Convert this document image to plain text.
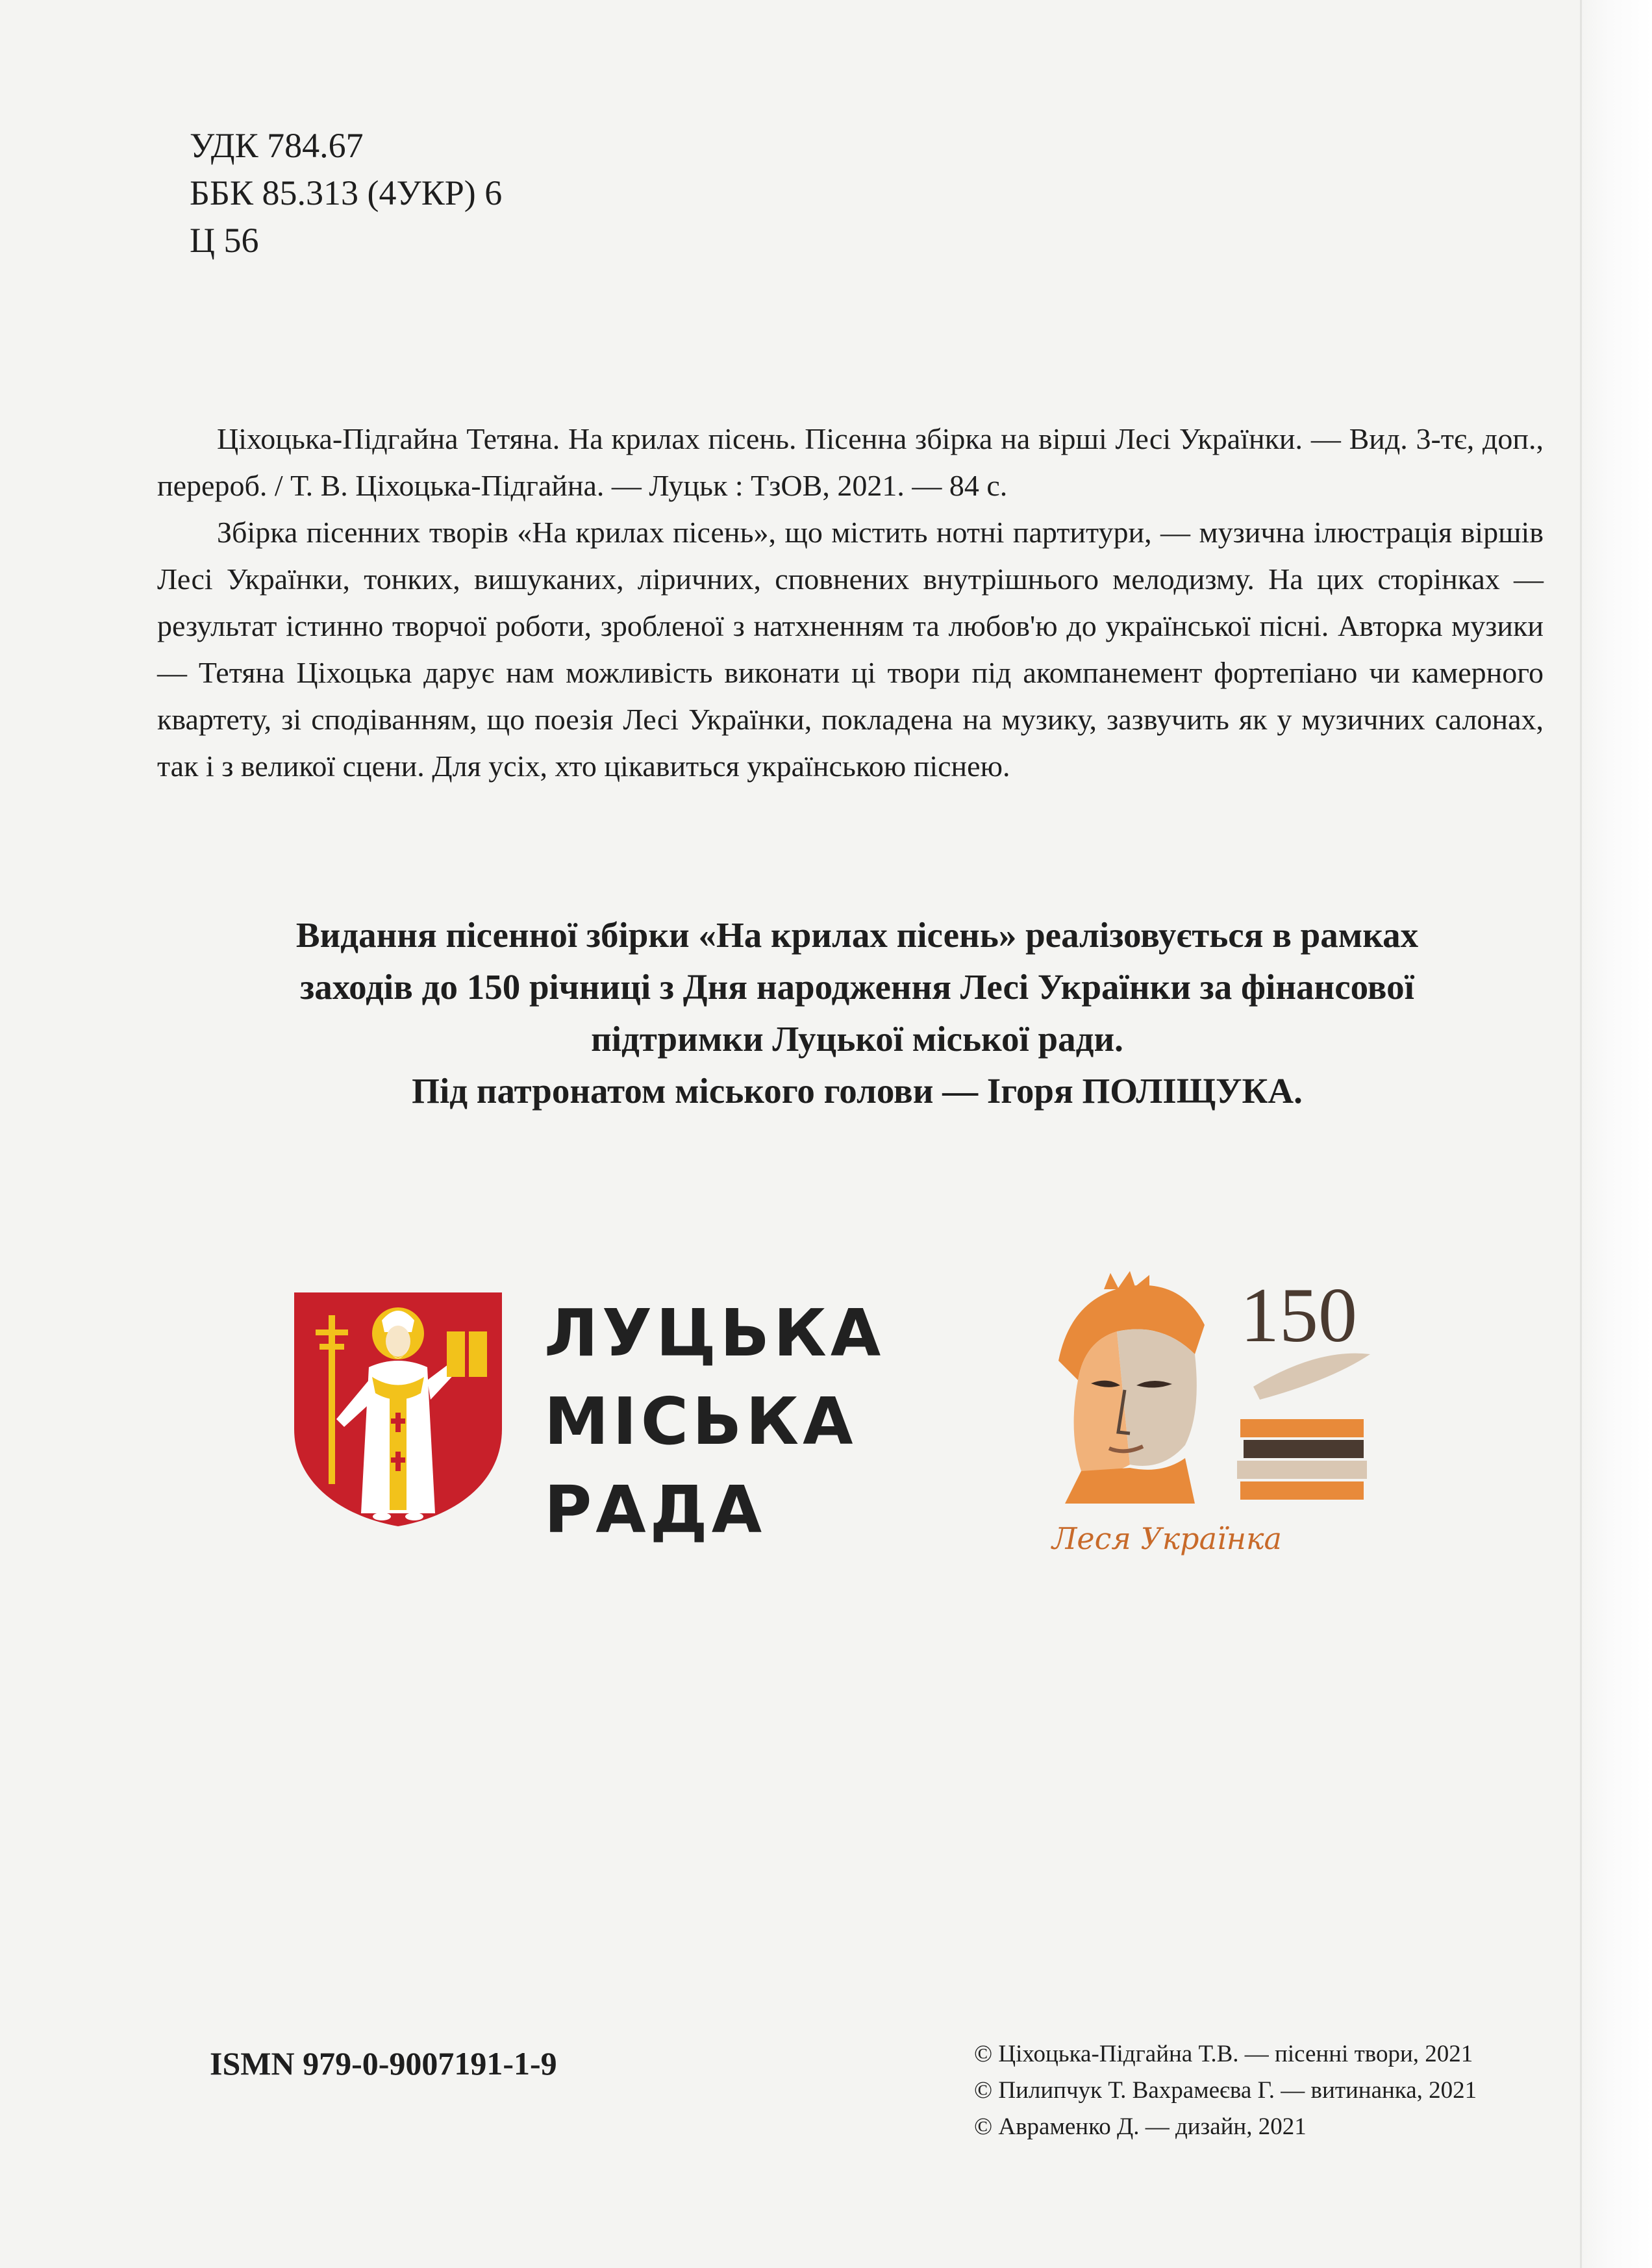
УДК 784.67
ББК 85.313 (4УКР) 6
Ц 56

Ціхоцька-Підгайна Тетяна. На крилах пісень. Пісенна збірка на вірші Лесі Українки. — Вид. 3-тє, доп., перероб. / Т. В. Ціхоцька-Підгайна. — Луцьк : ТзОВ, 2021. — 84 с.

Збірка пісенних творів «На крилах пісень», що містить нотні партитури, — музична ілюстрація віршів Лесі Українки, тонких, вишуканих, ліричних, сповнених внутрішнього мелодизму. На цих сторінках — результат істинно творчої роботи, зробленої з натхненням та любов'ю до української пісні. Авторка музики — Тетяна Ціхоцька дарує нам можливість виконати ці твори під акомпанемент фортепіано чи камерного квартету, зі сподіванням, що поезія Лесі Українки, покладена на музику, зазвучить як у музичних салонах, так і з великої сцени. Для усіх, хто цікавиться українською піснею.

Видання пісенної збірки «На крилах пісень» реалізовується в рамках
заходів до 150 річниці з Дня народження Лесі Українки за фінансової
підтримки Луцької міської ради.
Під патронатом міського голови — Ігоря ПОЛІЩУКА.
ЛУЦЬКА
МІСЬКА
РАДА
150
Леся Українка
ISMN 979-0-9007191-1-9	© Ціхоцька-Підгайна Т.В. — пісенні твори, 2021
© Пилипчук Т. Вахрамеєва Г. — витинанка, 2021
© Авраменко Д. — дизайн, 2021
